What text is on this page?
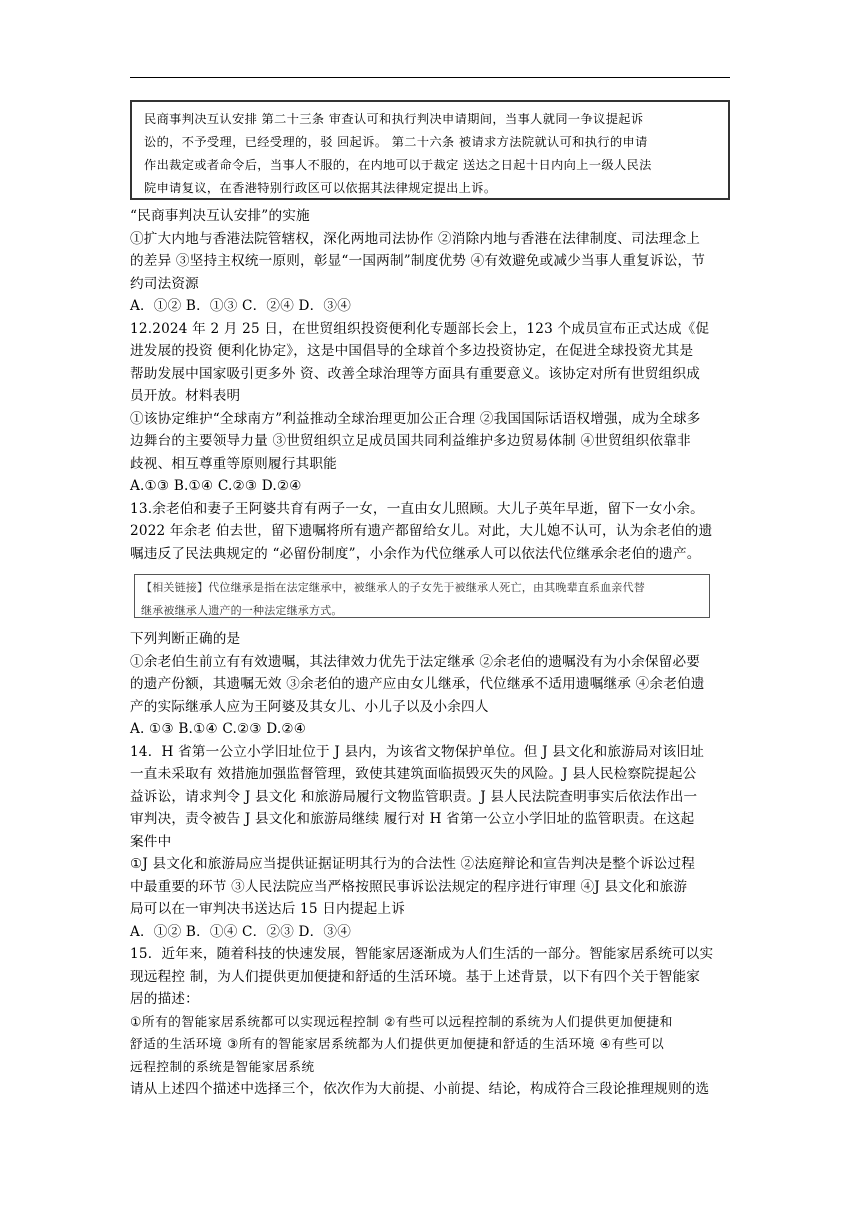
民商事判决互认安排 第二十三条 审查认可和执行判决申请期间，当事人就同一争议提起诉
讼的，不予受理，已经受理的，驳 回起诉。 第二十六条 被请求方法院就认可和执行的申请
作出裁定或者命令后，当事人不服的，在内地可以于裁定 送达之日起十日内向上一级人民法
院申请复议，在香港特别行政区可以依据其法律规定提出上诉。
“民商事判决互认安排”的实施
①扩大内地与香港法院管辖权，深化两地司法协作 ②消除内地与香港在法律制度、司法理念上
的差异 ③坚持主权统一原则，彰显“一国两制”制度优势 ④有效避免或减少当事人重复诉讼，节
约司法资源
A．①② B．①③ C．②④ D．③④
12.2024 年 2 月 25 日，在世贸组织投资便利化专题部长会上，123 个成员宣布正式达成《促
进发展的投资 便利化协定》，这是中国倡导的全球首个多边投资协定，在促进全球投资尤其是
帮助发展中国家吸引更多外 资、改善全球治理等方面具有重要意义。该协定对所有世贸组织成
员开放。材料表明
①该协定维护“全球南方”利益推动全球治理更加公正合理 ②我国国际话语权增强，成为全球多
边舞台的主要领导力量 ③世贸组织立足成员国共同利益维护多边贸易体制 ④世贸组织依靠非
歧视、相互尊重等原则履行其职能
A.①③ B.①④ C.②③ D.②④
13.余老伯和妻子王阿婆共育有两子一女，一直由女儿照顾。大儿子英年早逝，留下一女小余。
2022 年余老 伯去世，留下遗嘱将所有遗产都留给女儿。对此，大儿媳不认可，认为余老伯的遗
嘱违反了民法典规定的 “必留份制度”，小余作为代位继承人可以依法代位继承余老伯的遗产。
【相关链接】代位继承是指在法定继承中，被继承人的子女先于被继承人死亡，由其晚辈直系血亲代替
继承被继承人遗产的一种法定继承方式。
下列判断正确的是
①余老伯生前立有有效遗嘱，其法律效力优先于法定继承 ②余老伯的遗嘱没有为小余保留必要
的遗产份额，其遗嘱无效 ③余老伯的遗产应由女儿继承，代位继承不适用遗嘱继承 ④余老伯遗
产的实际继承人应为王阿婆及其女儿、小儿子以及小余四人
A. ①③ B.①④ C.②③ D.②④
14．H 省第一公立小学旧址位于 J 县内，为该省文物保护单位。但 J 县文化和旅游局对该旧址
一直未采取有 效措施加强监督管理，致使其建筑面临损毁灭失的风险。J 县人民检察院提起公
益诉讼，请求判令 J 县文化 和旅游局履行文物监管职责。J 县人民法院查明事实后依法作出一
审判决，责令被告 J 县文化和旅游局继续 履行对 H 省第一公立小学旧址的监管职责。在这起
案件中
①J 县文化和旅游局应当提供证据证明其行为的合法性 ②法庭辩论和宣告判决是整个诉讼过程
中最重要的环节 ③人民法院应当严格按照民事诉讼法规定的程序进行审理 ④J 县文化和旅游
局可以在一审判决书送达后 15 日内提起上诉
A．①② B．①④ C．②③ D．③④
15．近年来，随着科技的快速发展，智能家居逐渐成为人们生活的一部分。智能家居系统可以实
现远程控 制，为人们提供更加便捷和舒适的生活环境。基于上述背景，以下有四个关于智能家
居的描述：
①所有的智能家居系统都可以实现远程控制 ②有些可以远程控制的系统为人们提供更加便捷和
舒适的生活环境 ③所有的智能家居系统都为人们提供更加便捷和舒适的生活环境 ④有些可以
远程控制的系统是智能家居系统
请从上述四个描述中选择三个，依次作为大前提、小前提、结论，构成符合三段论推理规则的选
